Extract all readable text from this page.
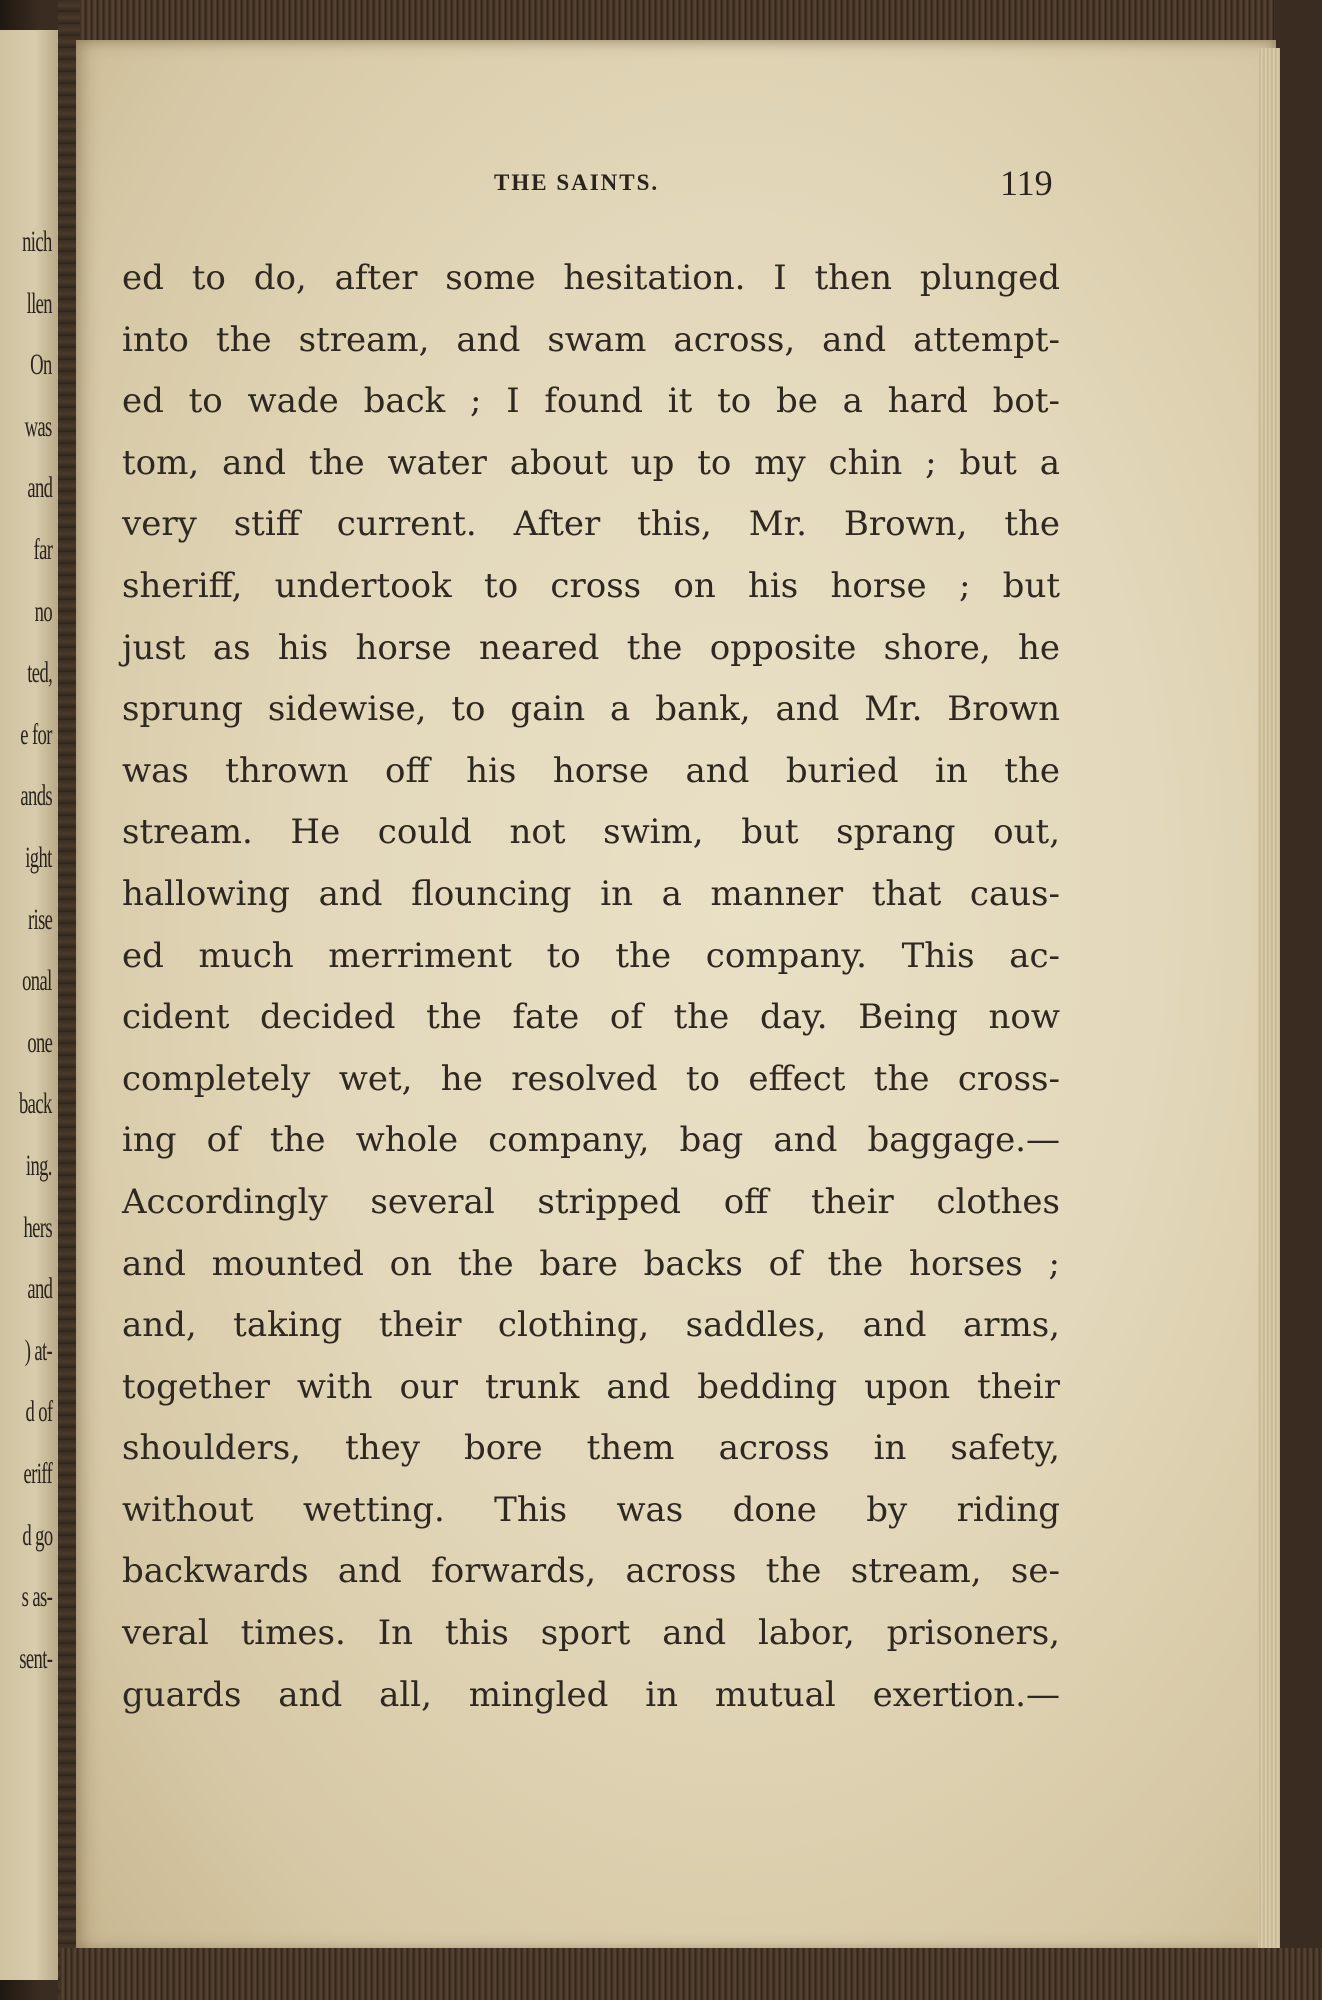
nich
llen
On
was
and
far
no
ted,
e for
ands
ight
rise
onal
one
back
ing.
hers
and
) at-
d of
eriff
d go
s as-
sent-
THE SAINTS.	119
ed to do, after some hesitation. I then plunged
into the stream, and swam across, and attempt-
ed to wade back ; I found it to be a hard bot-
tom, and the water about up to my chin ; but a
very stiff current. After this, Mr. Brown, the
sheriff, undertook to cross on his horse ; but
just as his horse neared the opposite shore, he
sprung sidewise, to gain a bank, and Mr. Brown
was thrown off his horse and buried in the
stream. He could not swim, but sprang out,
hallowing and flouncing in a manner that caus-
ed much merriment to the company. This ac-
cident decided the fate of the day. Being now
completely wet, he resolved to effect the cross-
ing of the whole company, bag and baggage.—
Accordingly several stripped off their clothes
and mounted on the bare backs of the horses ;
and, taking their clothing, saddles, and arms,
together with our trunk and bedding upon their
shoulders, they bore them across in safety,
without wetting. This was done by riding
backwards and forwards, across the stream, se-
veral times. In this sport and labor, prisoners,
guards and all, mingled in mutual exertion.—
